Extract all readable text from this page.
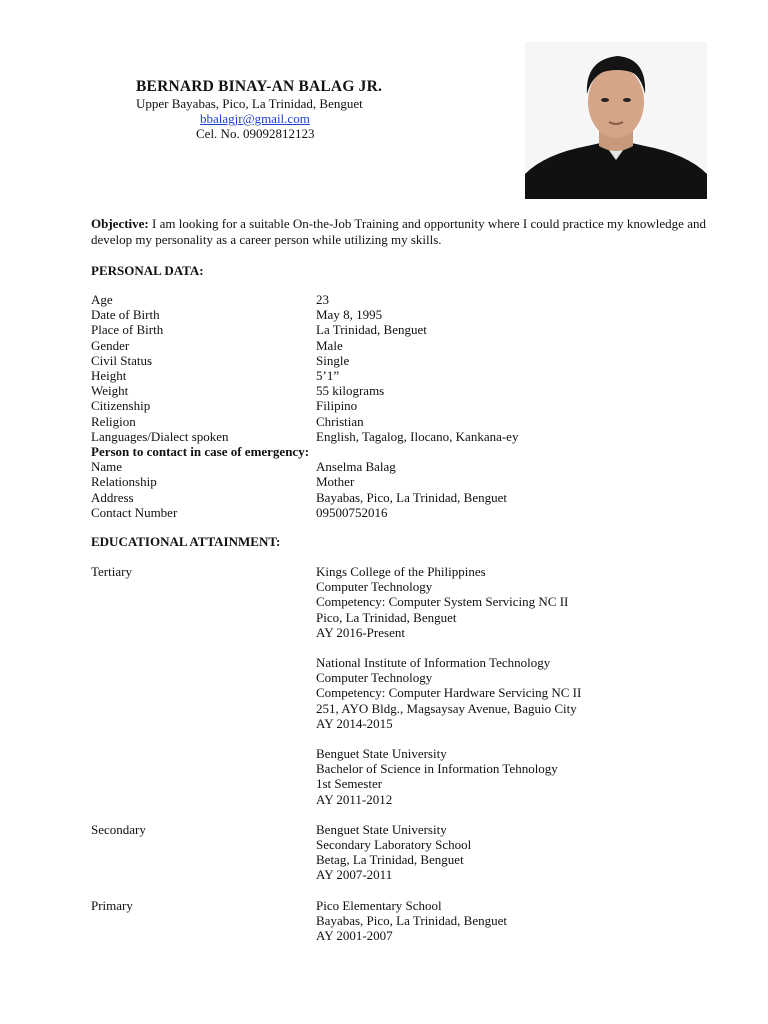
BERNARD BINAY-AN BALAG JR.
Upper Bayabas, Pico, La Trinidad, Benguet
bbalagjr@gmail.com
Cel. No. 09092812123
Objective: I am looking for a suitable On-the-Job Training and opportunity where I could practice my knowledge and develop my personality as a career person while utilizing my skills.
PERSONAL DATA:
Age	23
Date of Birth	May 8, 1995
Place of Birth	La Trinidad, Benguet
Gender	Male
Civil Status	Single
Height	5’1”
Weight	55 kilograms
Citizenship	Filipino
Religion	Christian
Languages/Dialect spoken	English, Tagalog, Ilocano, Kankana-ey
Person to contact in case of emergency:
Name	Anselma Balag
Relationship	Mother
Address	Bayabas, Pico, La Trinidad, Benguet
Contact Number	09500752016
EDUCATIONAL ATTAINMENT:
Tertiary	Kings College of the Philippines
Computer Technology
Competency: Computer System Servicing NC II
Pico, La Trinidad, Benguet
AY 2016-Present
National Institute of Information Technology
Computer Technology
Competency: Computer Hardware Servicing NC II
251, AYO Bldg., Magsaysay Avenue, Baguio City
AY 2014-2015
Benguet State University
Bachelor of Science in Information Tehnology
1st Semester
AY 2011-2012
Secondary	Benguet State University
Secondary Laboratory School
Betag, La Trinidad, Benguet
AY 2007-2011
Primary	Pico Elementary School
Bayabas, Pico, La Trinidad, Benguet
AY 2001-2007
